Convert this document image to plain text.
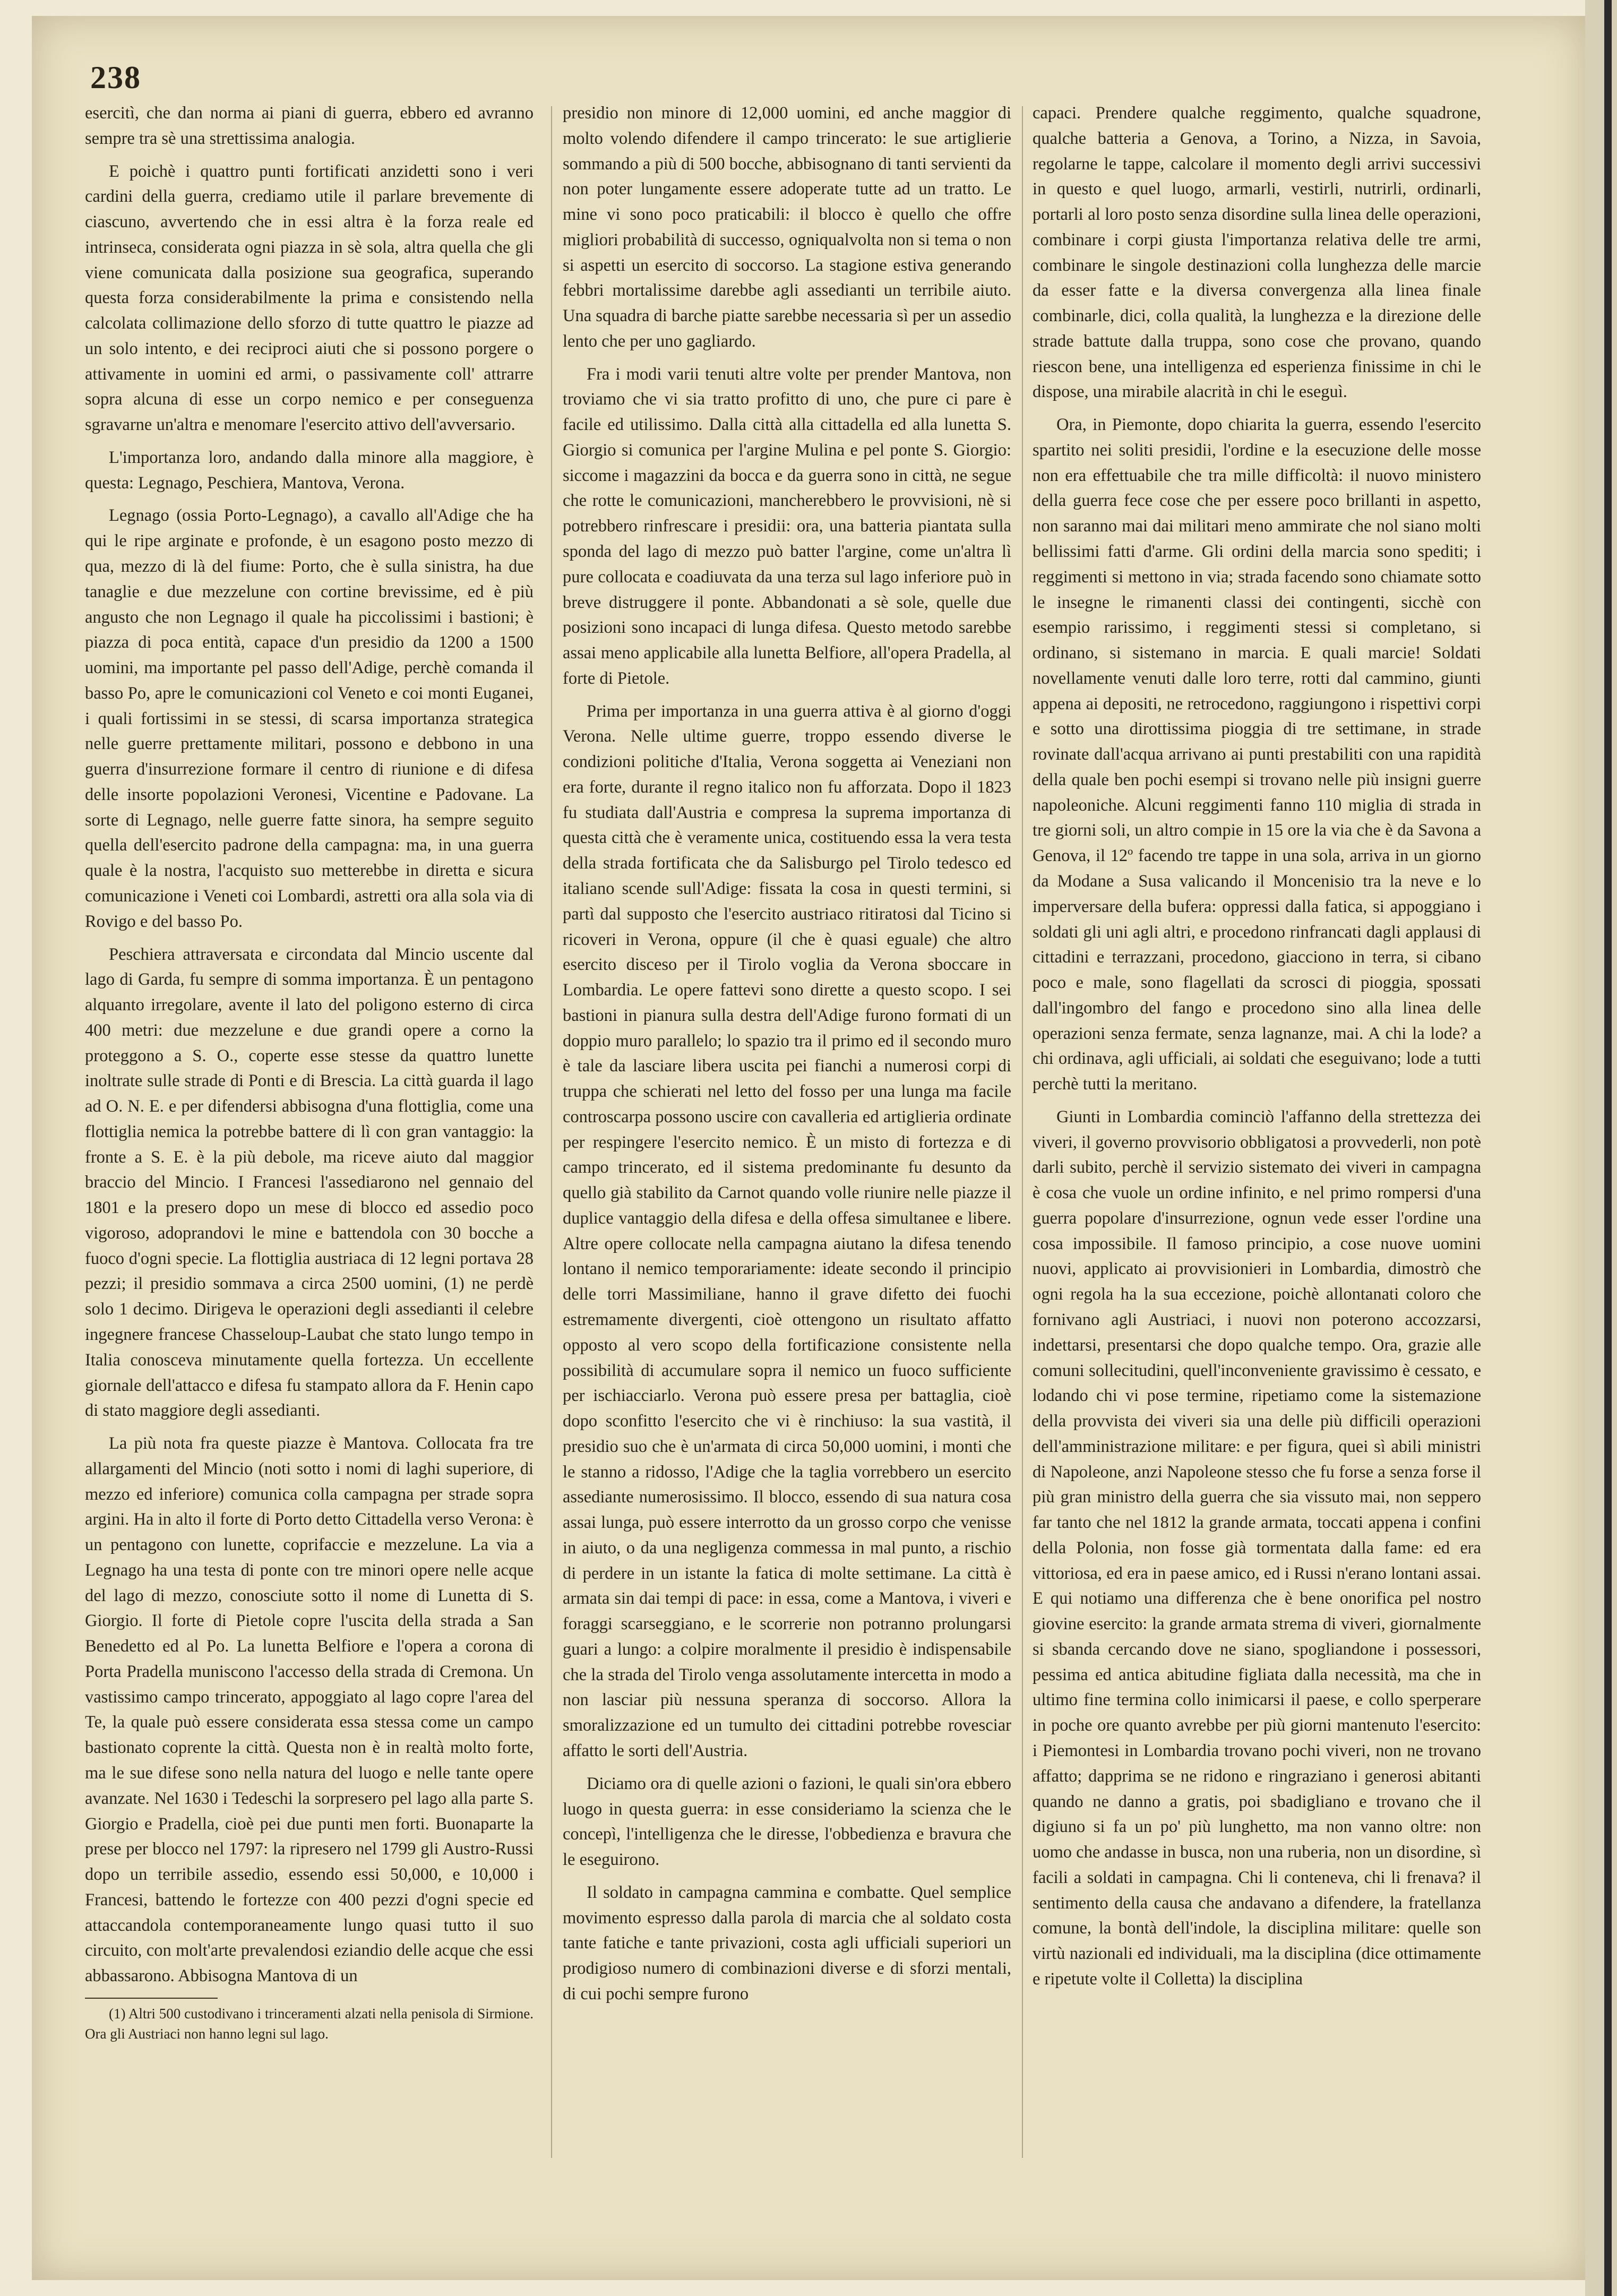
238

esercitì, che dan norma ai piani di guerra, ebbero ed avranno sempre tra sè una strettissima analogia.

E poichè i quattro punti fortificati anzidetti sono i veri cardini della guerra, crediamo utile il parlare brevemente di ciascuno, avvertendo che in essi altra è la forza reale ed intrinseca, considerata ogni piazza in sè sola, altra quella che gli viene comunicata dalla posizione sua geografica, superando questa forza considerabilmente la prima e consistendo nella calcolata collimazione dello sforzo di tutte quattro le piazze ad un solo intento, e dei reciproci aiuti che si possono porgere o attivamente in uomini ed armi, o passivamente coll' attrarre sopra alcuna di esse un corpo nemico e per conseguenza sgravarne un'altra e menomare l'esercito attivo dell'avversario.

L'importanza loro, andando dalla minore alla maggiore, è questa: Legnago, Peschiera, Mantova, Verona.

Legnago (ossia Porto-Legnago), a cavallo all'Adige che ha qui le ripe arginate e profonde, è un esagono posto mezzo di qua, mezzo di là del fiume: Porto, che è sulla sinistra, ha due tanaglie e due mezzelune con cortine brevissime, ed è più angusto che non Legnago il quale ha piccolissimi i bastioni; è piazza di poca entità, capace d'un presidio da 1200 a 1500 uomini, ma importante pel passo dell'Adige, perchè comanda il basso Po, apre le comunicazioni col Veneto e coi monti Euganei, i quali fortissimi in se stessi, di scarsa importanza strategica nelle guerre prettamente militari, possono e debbono in una guerra d'insurrezione formare il centro di riunione e di difesa delle insorte popolazioni Veronesi, Vicentine e Padovane. La sorte di Legnago, nelle guerre fatte sinora, ha sempre seguito quella dell'esercito padrone della campagna: ma, in una guerra quale è la nostra, l'acquisto suo metterebbe in diretta e sicura comunicazione i Veneti coi Lombardi, astretti ora alla sola via di Rovigo e del basso Po.

Peschiera attraversata e circondata dal Mincio uscente dal lago di Garda, fu sempre di somma importanza. È un pentagono alquanto irregolare, avente il lato del poligono esterno di circa 400 metri: due mezzelune e due grandi opere a corno la proteggono a S. O., coperte esse stesse da quattro lunette inoltrate sulle strade di Ponti e di Brescia. La città guarda il lago ad O. N. E. e per difendersi abbisogna d'una flottiglia, come una flottiglia nemica la potrebbe battere di lì con gran vantaggio: la fronte a S. E. è la più debole, ma riceve aiuto dal maggior braccio del Mincio. I Francesi l'assediarono nel gennaio del 1801 e la presero dopo un mese di blocco ed assedio poco vigoroso, adoprandovi le mine e battendola con 30 bocche a fuoco d'ogni specie. La flottiglia austriaca di 12 legni portava 28 pezzi; il presidio sommava a circa 2500 uomini, (1) ne perdè solo 1 decimo. Dirigeva le operazioni degli assedianti il celebre ingegnere francese Chasseloup-Laubat che stato lungo tempo in Italia conosceva minutamente quella fortezza. Un eccellente giornale dell'attacco e difesa fu stampato allora da F. Henin capo di stato maggiore degli assedianti.

La più nota fra queste piazze è Mantova. Collocata fra tre allargamenti del Mincio (noti sotto i nomi di laghi superiore, di mezzo ed inferiore) comunica colla campagna per strade sopra argini. Ha in alto il forte di Porto detto Cittadella verso Verona: è un pentagono con lunette, coprifaccie e mezzelune. La via a Legnago ha una testa di ponte con tre minori opere nelle acque del lago di mezzo, conosciute sotto il nome di Lunetta di S. Giorgio. Il forte di Pietole copre l'uscita della strada a San Benedetto ed al Po. La lunetta Belfiore e l'opera a corona di Porta Pradella muniscono l'accesso della strada di Cremona. Un vastissimo campo trincerato, appoggiato al lago copre l'area del Te, la quale può essere considerata essa stessa come un campo bastionato coprente la città. Questa non è in realtà molto forte, ma le sue difese sono nella natura del luogo e nelle tante opere avanzate. Nel 1630 i Tedeschi la sorpresero pel lago alla parte S. Giorgio e Pradella, cioè pei due punti men forti. Buonaparte la prese per blocco nel 1797: la ripresero nel 1799 gli Austro-Russi dopo un terribile assedio, essendo essi 50,000, e 10,000 i Francesi, battendo le fortezze con 400 pezzi d'ogni specie ed attaccandola contemporaneamente lungo quasi tutto il suo circuito, con molt'arte prevalendosi eziandio delle acque che essi abbassarono. Abbisogna Mantova di un

(1) Altri 500 custodivano i trinceramenti alzati nella penisola di Sirmione. Ora gli Austriaci non hanno legni sul lago.

presidio non minore di 12,000 uomini, ed anche maggior di molto volendo difendere il campo trincerato: le sue artiglierie sommando a più di 500 bocche, abbisognano di tanti servienti da non poter lungamente essere adoperate tutte ad un tratto. Le mine vi sono poco praticabili: il blocco è quello che offre migliori probabilità di successo, ogniqualvolta non si tema o non si aspetti un esercito di soccorso. La stagione estiva generando febbri mortalissime darebbe agli assedianti un terribile aiuto. Una squadra di barche piatte sarebbe necessaria sì per un assedio lento che per uno gagliardo.

Fra i modi varii tenuti altre volte per prender Mantova, non troviamo che vi sia tratto profitto di uno, che pure ci pare è facile ed utilissimo. Dalla città alla cittadella ed alla lunetta S. Giorgio si comunica per l'argine Mulina e pel ponte S. Giorgio: siccome i magazzini da bocca e da guerra sono in città, ne segue che rotte le comunicazioni, mancherebbero le provvisioni, nè si potrebbero rinfrescare i presidii: ora, una batteria piantata sulla sponda del lago di mezzo può batter l'argine, come un'altra lì pure collocata e coadiuvata da una terza sul lago inferiore può in breve distruggere il ponte. Abbandonati a sè sole, quelle due posizioni sono incapaci di lunga difesa. Questo metodo sarebbe assai meno applicabile alla lunetta Belfiore, all'opera Pradella, al forte di Pietole.

Prima per importanza in una guerra attiva è al giorno d'oggi Verona. Nelle ultime guerre, troppo essendo diverse le condizioni politiche d'Italia, Verona soggetta ai Veneziani non era forte, durante il regno italico non fu afforzata. Dopo il 1823 fu studiata dall'Austria e compresa la suprema importanza di questa città che è veramente unica, costituendo essa la vera testa della strada fortificata che da Salisburgo pel Tirolo tedesco ed italiano scende sull'Adige: fissata la cosa in questi termini, si partì dal supposto che l'esercito austriaco ritiratosi dal Ticino si ricoveri in Verona, oppure (il che è quasi eguale) che altro esercito disceso per il Tirolo voglia da Verona sboccare in Lombardia. Le opere fattevi sono dirette a questo scopo. I sei bastioni in pianura sulla destra dell'Adige furono formati di un doppio muro parallelo; lo spazio tra il primo ed il secondo muro è tale da lasciare libera uscita pei fianchi a numerosi corpi di truppa che schierati nel letto del fosso per una lunga ma facile controscarpa possono uscire con cavalleria ed artiglieria ordinate per respingere l'esercito nemico. È un misto di fortezza e di campo trincerato, ed il sistema predominante fu desunto da quello già stabilito da Carnot quando volle riunire nelle piazze il duplice vantaggio della difesa e della offesa simultanee e libere. Altre opere collocate nella campagna aiutano la difesa tenendo lontano il nemico temporariamente: ideate secondo il principio delle torri Massimiliane, hanno il grave difetto dei fuochi estremamente divergenti, cioè ottengono un risultato affatto opposto al vero scopo della fortificazione consistente nella possibilità di accumulare sopra il nemico un fuoco sufficiente per ischiacciarlo. Verona può essere presa per battaglia, cioè dopo sconfitto l'esercito che vi è rinchiuso: la sua vastità, il presidio suo che è un'armata di circa 50,000 uomini, i monti che le stanno a ridosso, l'Adige che la taglia vorrebbero un esercito assediante numerosissimo. Il blocco, essendo di sua natura cosa assai lunga, può essere interrotto da un grosso corpo che venisse in aiuto, o da una negligenza commessa in mal punto, a rischio di perdere in un istante la fatica di molte settimane. La città è armata sin dai tempi di pace: in essa, come a Mantova, i viveri e foraggi scarseggiano, e le scorrerie non potranno prolungarsi guari a lungo: a colpire moralmente il presidio è indispensabile che la strada del Tirolo venga assolutamente intercetta in modo a non lasciar più nessuna speranza di soccorso. Allora la smoralizzazione ed un tumulto dei cittadini potrebbe rovesciar affatto le sorti dell'Austria.

Diciamo ora di quelle azioni o fazioni, le quali sin'ora ebbero luogo in questa guerra: in esse consideriamo la scienza che le concepì, l'intelligenza che le diresse, l'obbedienza e bravura che le eseguirono.

Il soldato in campagna cammina e combatte. Quel semplice movimento espresso dalla parola di marcia che al soldato costa tante fatiche e tante privazioni, costa agli ufficiali superiori un prodigioso numero di combinazioni diverse e di sforzi mentali, di cui pochi sempre furono

capaci. Prendere qualche reggimento, qualche squadrone, qualche batteria a Genova, a Torino, a Nizza, in Savoia, regolarne le tappe, calcolare il momento degli arrivi successivi in questo e quel luogo, armarli, vestirli, nutrirli, ordinarli, portarli al loro posto senza disordine sulla linea delle operazioni, combinare i corpi giusta l'importanza relativa delle tre armi, combinare le singole destinazioni colla lunghezza delle marcie da esser fatte e la diversa convergenza alla linea finale combinarle, dici, colla qualità, la lunghezza e la direzione delle strade battute dalla truppa, sono cose che provano, quando riescon bene, una intelligenza ed esperienza finissime in chi le dispose, una mirabile alacrità in chi le eseguì.

Ora, in Piemonte, dopo chiarita la guerra, essendo l'esercito spartito nei soliti presidii, l'ordine e la esecuzione delle mosse non era effettuabile che tra mille difficoltà: il nuovo ministero della guerra fece cose che per essere poco brillanti in aspetto, non saranno mai dai militari meno ammirate che nol siano molti bellissimi fatti d'arme. Gli ordini della marcia sono spediti; i reggimenti si mettono in via; strada facendo sono chiamate sotto le insegne le rimanenti classi dei contingenti, sicchè con esempio rarissimo, i reggimenti stessi si completano, si ordinano, si sistemano in marcia. E quali marcie! Soldati novellamente venuti dalle loro terre, rotti dal cammino, giunti appena ai depositi, ne retrocedono, raggiungono i rispettivi corpi e sotto una dirottissima pioggia di tre settimane, in strade rovinate dall'acqua arrivano ai punti prestabiliti con una rapidità della quale ben pochi esempi si trovano nelle più insigni guerre napoleoniche. Alcuni reggimenti fanno 110 miglia di strada in tre giorni soli, un altro compie in 15 ore la via che è da Savona a Genova, il 12º facendo tre tappe in una sola, arriva in un giorno da Modane a Susa valicando il Moncenisio tra la neve e lo imperversare della bufera: oppressi dalla fatica, si appoggiano i soldati gli uni agli altri, e procedono rinfrancati dagli applausi di cittadini e terrazzani, procedono, giacciono in terra, si cibano poco e male, sono flagellati da scrosci di pioggia, spossati dall'ingombro del fango e procedono sino alla linea delle operazioni senza fermate, senza lagnanze, mai. A chi la lode? a chi ordinava, agli ufficiali, ai soldati che eseguivano; lode a tutti perchè tutti la meritano.

Giunti in Lombardia cominciò l'affanno della strettezza dei viveri, il governo provvisorio obbligatosi a provvederli, non potè darli subito, perchè il servizio sistemato dei viveri in campagna è cosa che vuole un ordine infinito, e nel primo rompersi d'una guerra popolare d'insurrezione, ognun vede esser l'ordine una cosa impossibile. Il famoso principio, a cose nuove uomini nuovi, applicato ai provvisionieri in Lombardia, dimostrò che ogni regola ha la sua eccezione, poichè allontanati coloro che fornivano agli Austriaci, i nuovi non poterono accozzarsi, indettarsi, presentarsi che dopo qualche tempo. Ora, grazie alle comuni sollecitudini, quell'inconveniente gravissimo è cessato, e lodando chi vi pose termine, ripetiamo come la sistemazione della provvista dei viveri sia una delle più difficili operazioni dell'amministrazione militare: e per figura, quei sì abili ministri di Napoleone, anzi Napoleone stesso che fu forse a senza forse il più gran ministro della guerra che sia vissuto mai, non seppero far tanto che nel 1812 la grande armata, toccati appena i confini della Polonia, non fosse già tormentata dalla fame: ed era vittoriosa, ed era in paese amico, ed i Russi n'erano lontani assai. E qui notiamo una differenza che è bene onorifica pel nostro giovine esercito: la grande armata strema di viveri, giornalmente si sbanda cercando dove ne siano, spogliandone i possessori, pessima ed antica abitudine figliata dalla necessità, ma che in ultimo fine termina collo inimicarsi il paese, e collo sperperare in poche ore quanto avrebbe per più giorni mantenuto l'esercito: i Piemontesi in Lombardia trovano pochi viveri, non ne trovano affatto; dapprima se ne ridono e ringraziano i generosi abitanti quando ne danno a gratis, poi sbadigliano e trovano che il digiuno si fa un po' più lunghetto, ma non vanno oltre: non uomo che andasse in busca, non una ruberia, non un disordine, sì facili a soldati in campagna. Chi li conteneva, chi li frenava? il sentimento della causa che andavano a difendere, la fratellanza comune, la bontà dell'indole, la disciplina militare: quelle son virtù nazionali ed individuali, ma la disciplina (dice ottimamente e ripetute volte il Colletta) la disciplina
